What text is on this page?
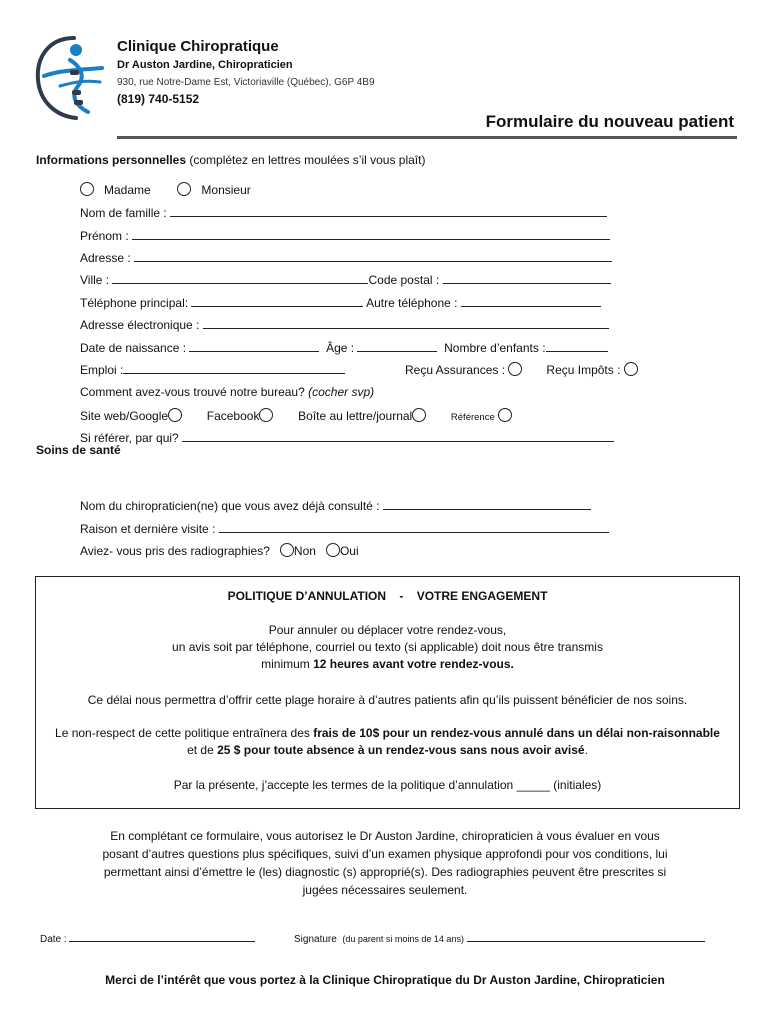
Clinique Chiropratique
Dr Auston Jardine, Chiropraticien
930, rue Notre-Dame Est, Victoriaville (Québec), G6P 4B9
(819) 740-5152
Formulaire du nouveau patient
Informations personnelles (complétez en lettres moulées s’il vous plaît)
Madame	Monsieur
Nom de famille :
Prénom :
Adresse :
Ville :	Code postal :
Téléphone principal:	Autre téléphone :
Adresse électronique :
Date de naissance :	Âge :	Nombre d’enfants :
Emploi :	Reçu Assurances :	Reçu Impôts :
Comment avez-vous trouvé notre bureau? (cocher svp)
Site web/Google	Facebook	Boîte au lettre/journal	Référence
Si référer, par qui?
Soins de santé
Nom du chiropraticien(ne) que vous avez déjà consulté :
Raison et dernière visite :
Aviez- vous pris des radiographies? Non Oui
POLITIQUE D’ANNULATION - VOTRE ENGAGEMENT
Pour annuler ou déplacer votre rendez-vous,
un avis soit par téléphone, courriel ou texto (si applicable) doit nous être transmis
minimum 12 heures avant votre rendez-vous.
Ce délai nous permettra d’offrir cette plage horaire à d’autres patients afin qu’ils puissent bénéficier de nos soins.
Le non-respect de cette politique entraînera des frais de 10$ pour un rendez-vous annulé dans un délai non-raisonnable
et de 25 $ pour toute absence à un rendez-vous sans nous avoir avisé.
Par la présente, j’accepte les termes de la politique d’annulation _____ (initiales)
En complétant ce formulaire, vous autorisez le Dr Auston Jardine, chiropraticien à vous évaluer en vous
posant d’autres questions plus spécifiques, suivi d’un examen physique approfondi pour vos conditions, lui
permettant ainsi d’émettre le (les) diagnostic (s) approprié(s). Des radiographies peuvent être prescrites si
jugées nécessaires seulement.
Date :	Signature (du parent si moins de 14 ans)
Merci de l’intérêt que vous portez à la Clinique Chiropratique du Dr Auston Jardine, Chiropraticien
